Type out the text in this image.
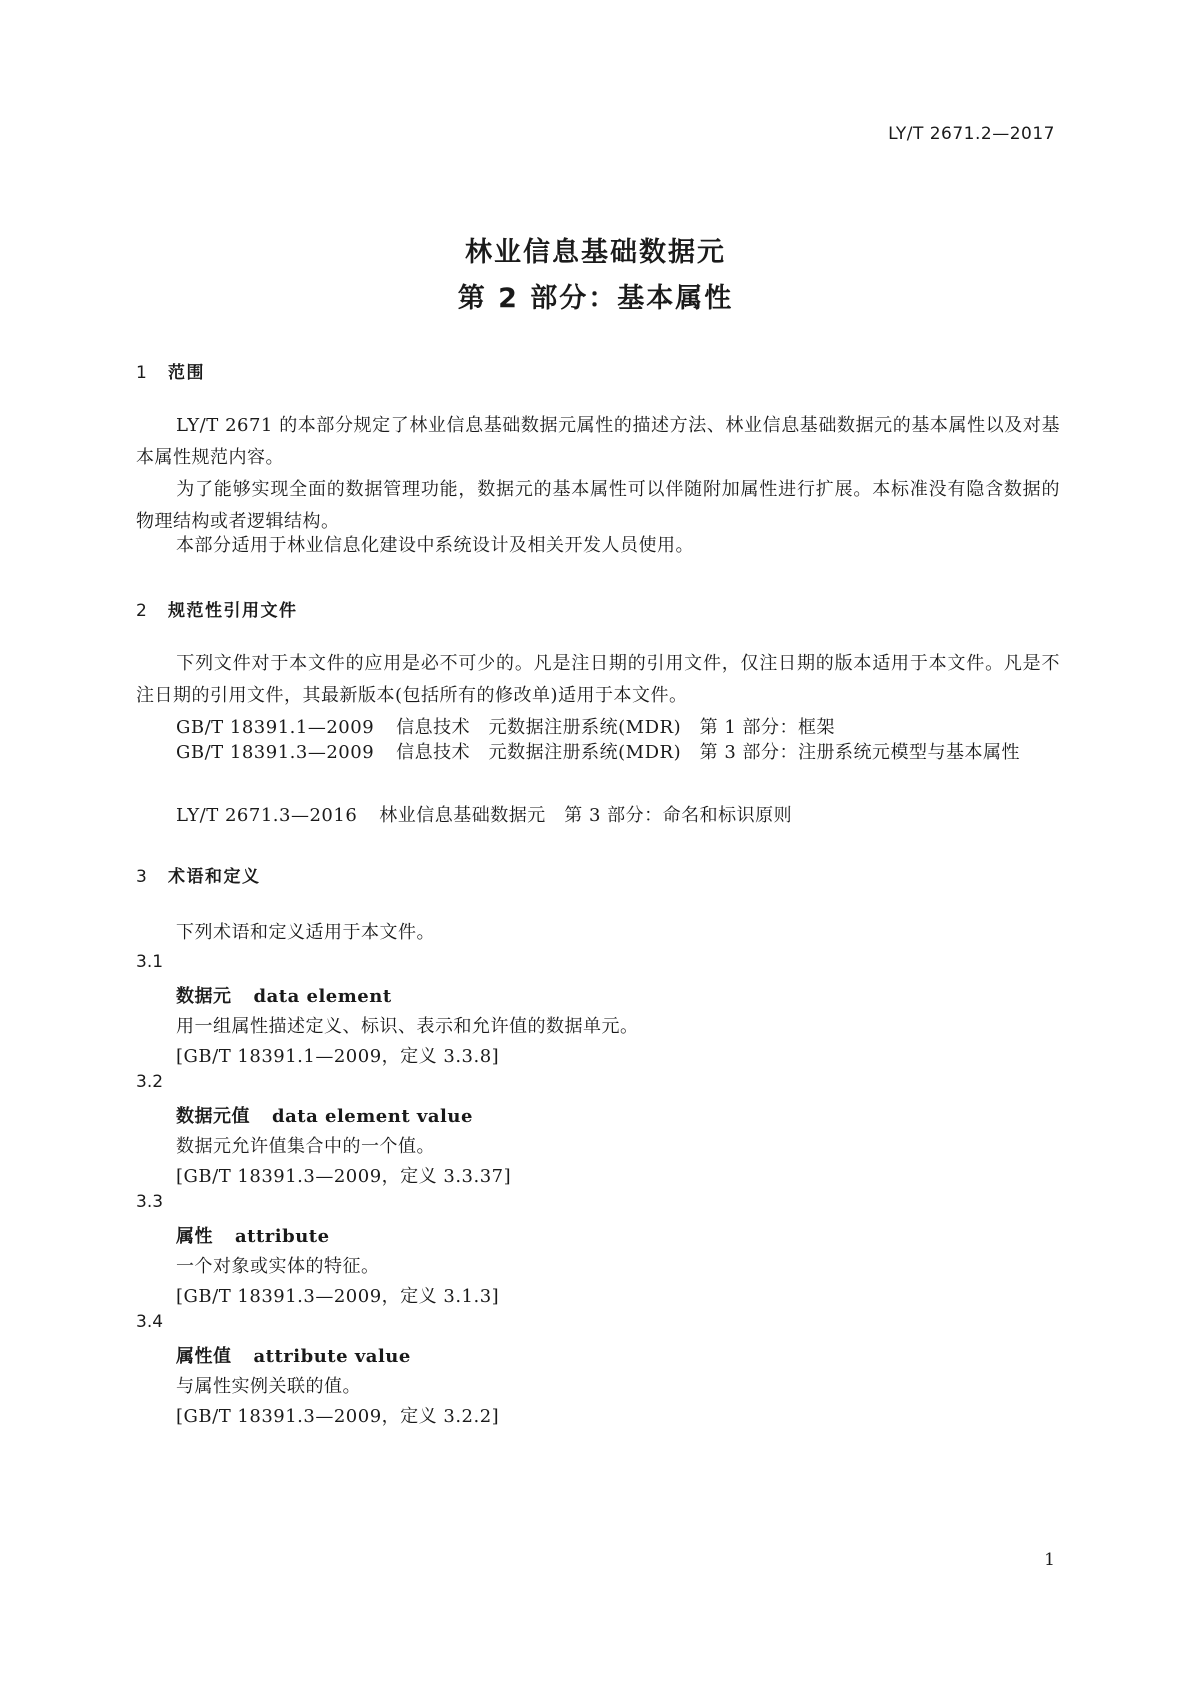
LY/T 2671.2—2017
林业信息基础数据元
第 2 部分：基本属性
1 范围
LY/T 2671 的本部分规定了林业信息基础数据元属性的描述方法、林业信息基础数据元的基本属性以及对基本属性规范内容。
为了能够实现全面的数据管理功能，数据元的基本属性可以伴随附加属性进行扩展。本标准没有隐含数据的物理结构或者逻辑结构。
本部分适用于林业信息化建设中系统设计及相关开发人员使用。
2 规范性引用文件
下列文件对于本文件的应用是必不可少的。凡是注日期的引用文件，仅注日期的版本适用于本文件。凡是不注日期的引用文件，其最新版本(包括所有的修改单)适用于本文件。
GB/T 18391.1—2009 信息技术　元数据注册系统(MDR)　第 1 部分：框架
GB/T 18391.3—2009 信息技术　元数据注册系统(MDR)　第 3 部分：注册系统元模型与基本属性
LY/T 2671.3—2016 林业信息基础数据元　第 3 部分：命名和标识原则
3 术语和定义
下列术语和定义适用于本文件。
3.1
数据元 data element
用一组属性描述定义、标识、表示和允许值的数据单元。
[GB/T 18391.1—2009，定义 3.3.8]
3.2
数据元值 data element value
数据元允许值集合中的一个值。
[GB/T 18391.3—2009，定义 3.3.37]
3.3
属性 attribute
一个对象或实体的特征。
[GB/T 18391.3—2009，定义 3.1.3]
3.4
属性值 attribute value
与属性实例关联的值。
[GB/T 18391.3—2009，定义 3.2.2]
1
